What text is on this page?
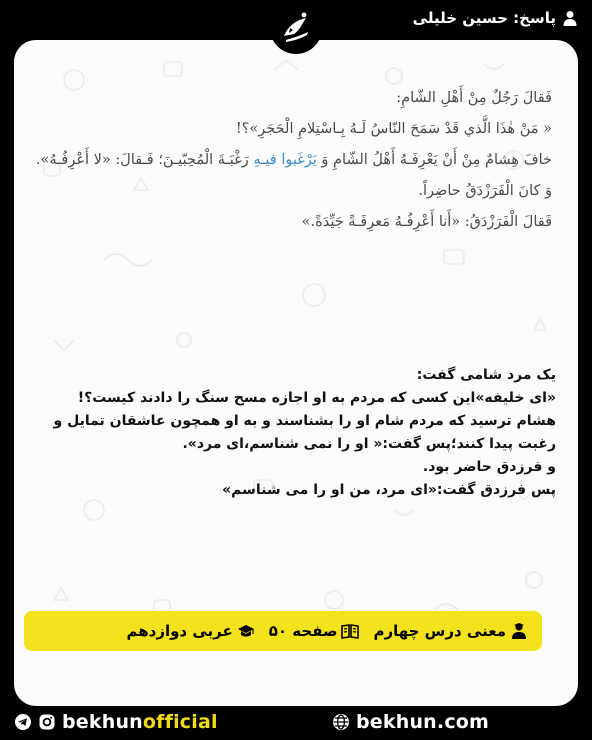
پاسخ: حسین خلیلی
فَقالَ رَجُلٌ مِنْ أَهْلِ الشّامِ:
« مَنْ هٰذَا الَّذي قَدْ سَمَحَ النّاسُ لَـهُ بِـاسْتِلامِ الْحَجَرِ»؟!
خافَ هِشامٌ مِنْ أَنْ يَعْرِفَـهُ أَهْلُ الشّامِ وَ يَرْغَبوا فيـهِ رَغْبَـةَ الْمُحِبّيـنَ؛ فَـقالَ: «لا أَعْرِفُـهُ».
وَ كانَ الْفَرَزْدَقُ حاضِراً.
فَقالَ الْفَرَزْدَقُ: «أَنا أَعْرِفُـهُ مَعرِفَـةً جَيِّدَةً.»
یک مرد شامی گفت:
«ای خلیفه»این کسی که مردم به او اجازه مسح سنگ را دادند کیست؟!
هشام ترسید که مردم شام او را بشناسند و به او همچون عاشقان تمایل و
رغبت پیدا کنند؛پس گفت:« او را نمی شناسم،ای مرد».
و فرزدق حاضر بود.
پس فرزدق گفت:«ای مرد، من او را می شناسم»
معنی درس چهارم
صفحه ۵۰
عربی دوازدهم
bekhunofficial	bekhun.com
